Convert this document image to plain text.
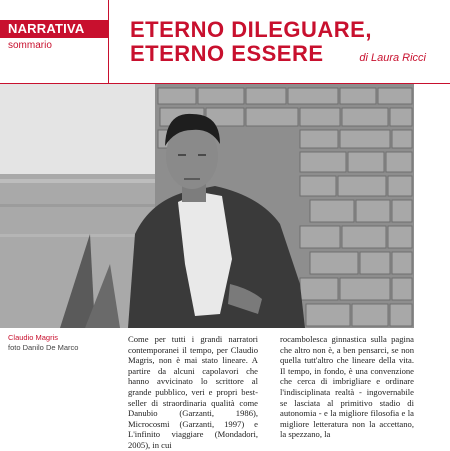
NARRATIVA
sommario
ETERNO DILEGUARE,
ETERNO ESSERE	di Laura Ricci
Claudio Magris
foto Danilo De Marco

Come per tutti i grandi narratori contemporanei il tempo, per Claudio Magris, non è mai stato lineare. A partire da alcuni capolavori che hanno avvicinato lo scrittore al grande pubblico, veri e propri best-seller di straordinaria qualità come Danubio (Garzanti, 1986), Microcosmi (Garzanti, 1997) e L'infinito viaggiare (Mondadori, 2005), in cui

rocambolesca ginnastica sulla pagina che altro non è, a ben pensarci, se non quella tutt'altro che lineare della vita. Il tempo, in fondo, è una convenzione che cerca di imbrigliare e ordinare l'indisciplinata realtà - ingovernabile se lasciata al primitivo stadio di autonomia - e la migliore filosofia e la migliore letteratura non la accettano, la spezzano, la
